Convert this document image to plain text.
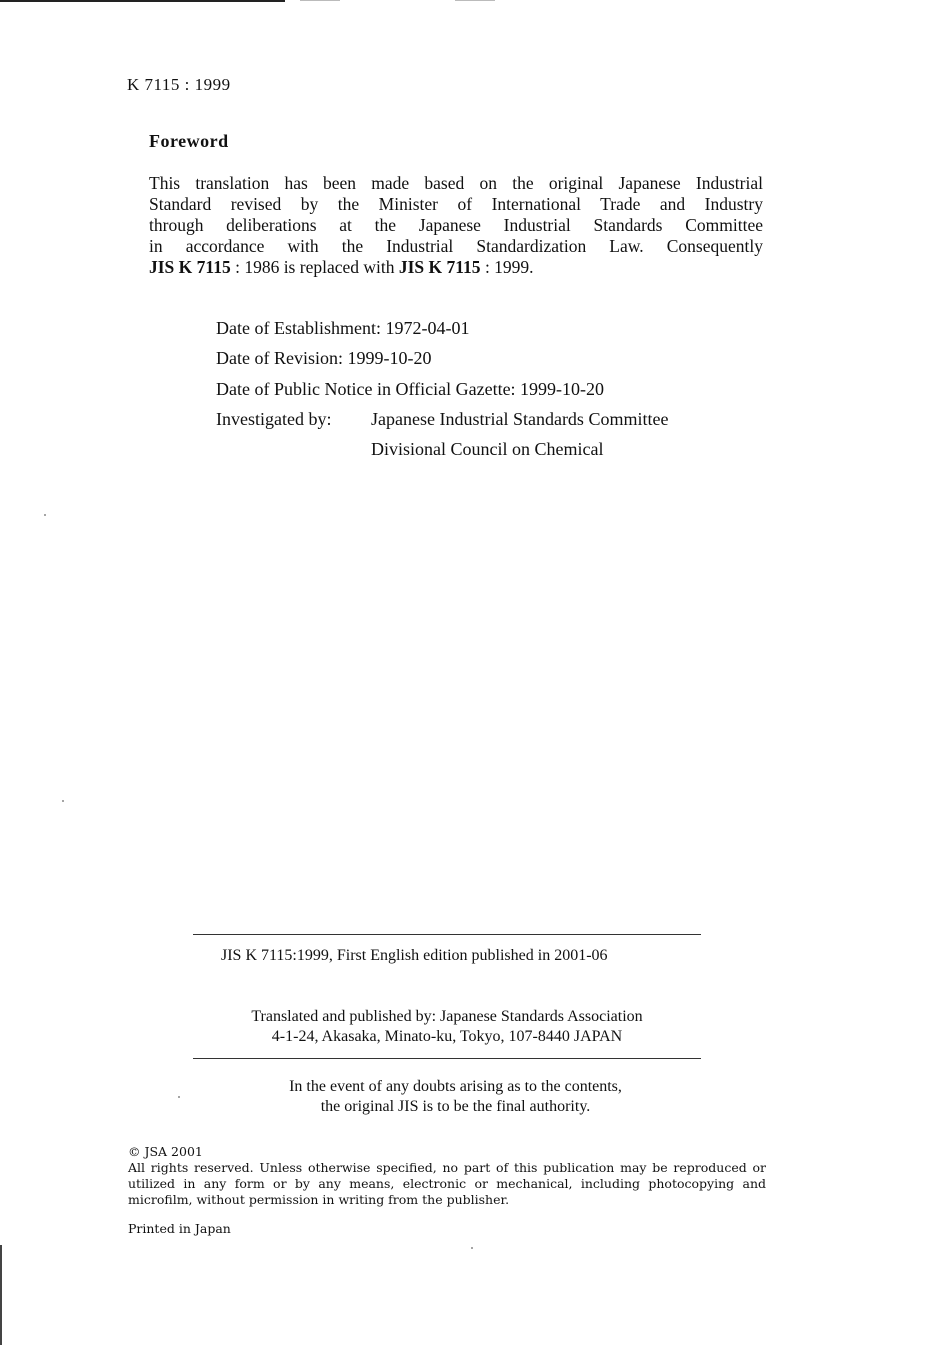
K 7115 : 1999
Foreword
This translation has been made based on the original Japanese Industrial
Standard revised by the Minister of International Trade and Industry
through deliberations at the Japanese Industrial Standards Committee
in accordance with the Industrial Standardization Law. Consequently
JIS K 7115 : 1986 is replaced with JIS K 7115 : 1999.
Date of Establishment: 1972-04-01
Date of Revision: 1999-10-20
Date of Public Notice in Official Gazette: 1999-10-20
Investigated by: Japanese Industrial Standards Committee
Divisional Council on Chemical
JIS K 7115:1999, First English edition published in 2001-06
Translated and published by: Japanese Standards Association
4-1-24, Akasaka, Minato-ku, Tokyo, 107-8440 JAPAN
In the event of any doubts arising as to the contents,
the original JIS is to be the final authority.
© JSA 2001
All rights reserved. Unless otherwise specified, no part of this publication may be reproduced or
utilized in any form or by any means, electronic or mechanical, including photocopying and
microfilm, without permission in writing from the publisher.
Printed in Japan
